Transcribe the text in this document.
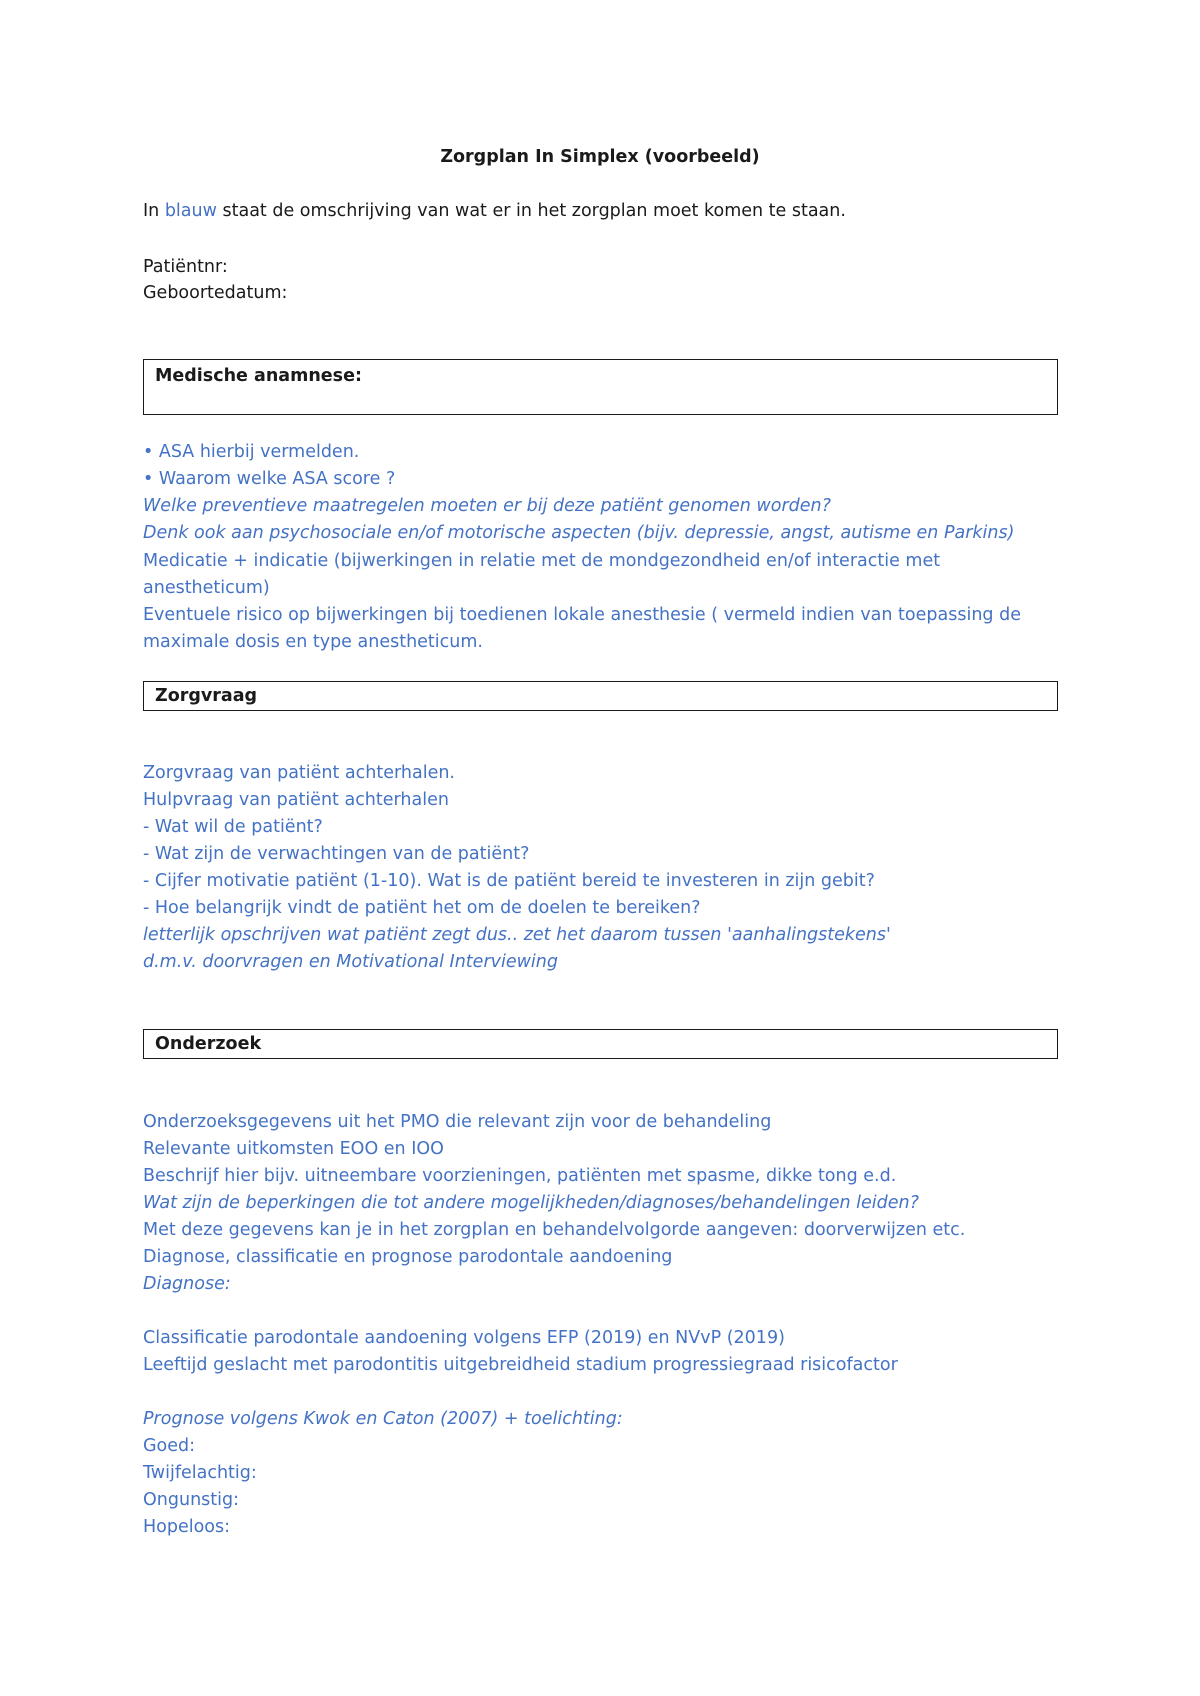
Zorgplan In Simplex (voorbeeld)
In blauw staat de omschrijving van wat er in het zorgplan moet komen te staan.
Patiëntnr:
Geboortedatum:
Medische anamnese:
• ASA hierbij vermelden.
• Waarom welke ASA score ?
Welke preventieve maatregelen moeten er bij deze patiënt genomen worden?
Denk ook aan psychosociale en/of motorische aspecten (bijv. depressie, angst, autisme en Parkins)
Medicatie + indicatie (bijwerkingen in relatie met de mondgezondheid en/of interactie met
anestheticum)
Eventuele risico op bijwerkingen bij toedienen lokale anesthesie ( vermeld indien van toepassing de
maximale dosis en type anestheticum.
Zorgvraag
Zorgvraag van patiënt achterhalen.
Hulpvraag van patiënt achterhalen
- Wat wil de patiënt?
- Wat zijn de verwachtingen van de patiënt?
- Cijfer motivatie patiënt (1-10). Wat is de patiënt bereid te investeren in zijn gebit?
- Hoe belangrijk vindt de patiënt het om de doelen te bereiken?
letterlijk opschrijven wat patiënt zegt dus.. zet het daarom tussen 'aanhalingstekens'
d.m.v. doorvragen en Motivational Interviewing
Onderzoek
Onderzoeksgegevens uit het PMO die relevant zijn voor de behandeling
Relevante uitkomsten EOO en IOO
Beschrijf hier bijv. uitneembare voorzieningen, patiënten met spasme, dikke tong e.d.
Wat zijn de beperkingen die tot andere mogelijkheden/diagnoses/behandelingen leiden?
Met deze gegevens kan je in het zorgplan en behandelvolgorde aangeven: doorverwijzen etc.
Diagnose, classificatie en prognose parodontale aandoening
Diagnose:
Classificatie parodontale aandoening volgens EFP (2019) en NVvP (2019)
Leeftijd geslacht met parodontitis uitgebreidheid stadium progressiegraad risicofactor
Prognose volgens Kwok en Caton (2007) + toelichting:
Goed:
Twijfelachtig:
Ongunstig:
Hopeloos:
